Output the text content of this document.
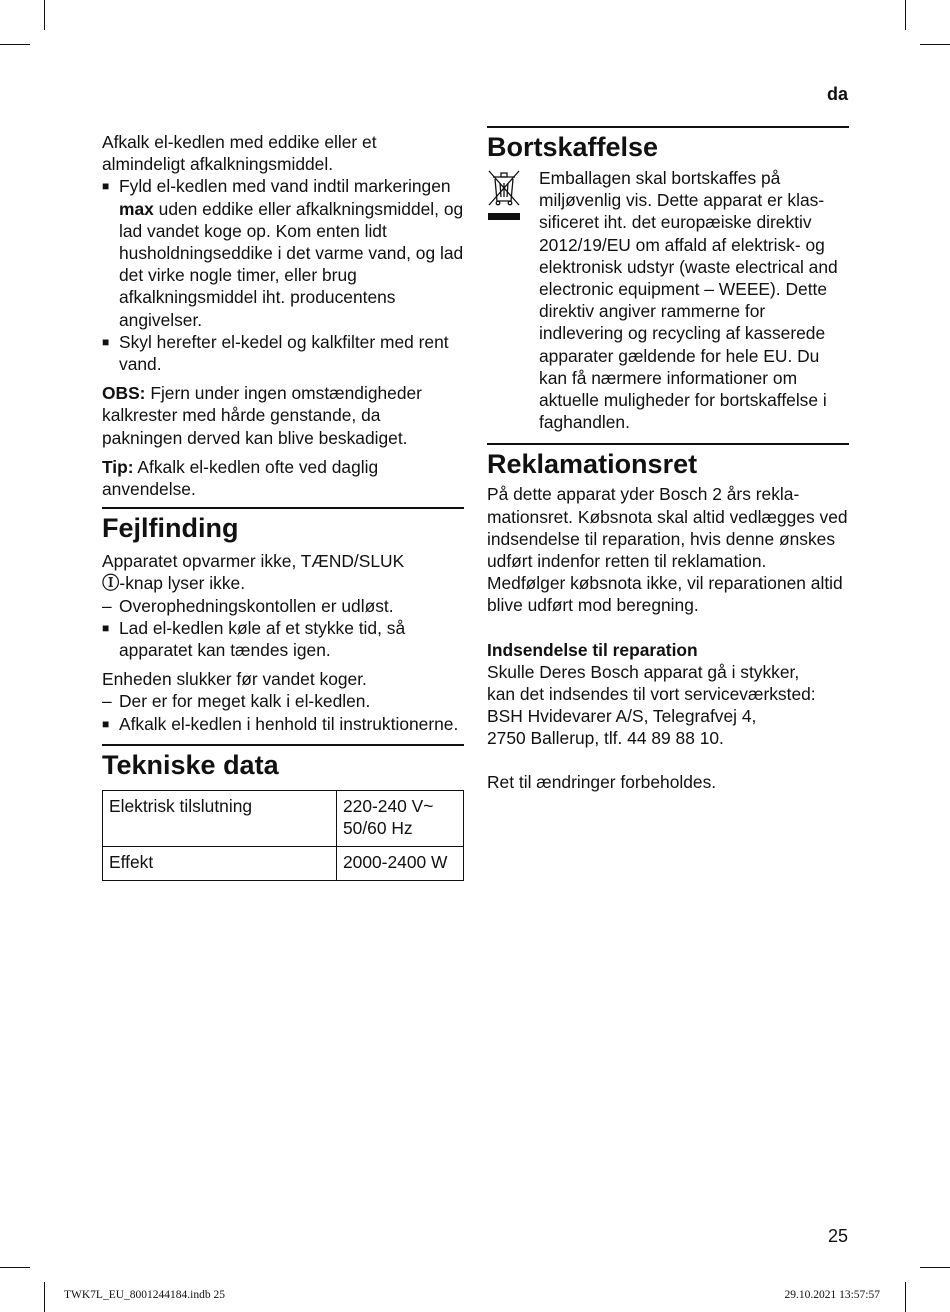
da

Afkalk el-kedlen med eddike eller et almindeligt afkalkningsmiddel.

■ Fyld el-kedlen med vand indtil markeringen max uden eddike eller afkalkningsmiddel, og lad vandet koge op. Kom enten lidt husholdningseddike i det varme vand, og lad det virke nogle timer, eller brug afkalkningsmiddel iht. producentens angivelser.

■ Skyl herefter el-kedel og kalkfilter med rent vand.

OBS: Fjern under ingen omstændigheder kalkrester med hårde genstande, da pakningen derved kan blive beskadiget.

Tip: Afkalk el-kedlen ofte ved daglig anvendelse.

Fejlfinding

Apparatet opvarmer ikke, TÆND/SLUK
Ⓘ-knap lyser ikke.

– Overophedningskontollen er udløst.

■ Lad el-kedlen køle af et stykke tid, så apparatet kan tændes igen.

Enheden slukker før vandet koger.

– Der er for meget kalk i el-kedlen.

■ Afkalk el-kedlen i henhold til instruktionerne.

Tekniske data
Elektrisk tilslutning	220-240 V~
50/60 Hz
Effekt	2000-2400 W
Bortskaffelse

Emballagen skal bortskaffes på miljøvenlig vis. Dette apparat er klas-sificeret iht. det europæiske direktiv 2012/19/EU om affald af elektrisk- og elektronisk udstyr (waste electrical and electronic equipment – WEEE). Dette direktiv angiver rammerne for indlevering og recycling af kasserede apparater gældende for hele EU. Du kan få nærmere informationer om aktuelle muligheder for bortskaffelse i faghandlen.

Reklamationsret

På dette apparat yder Bosch 2 års rekla-mationsret. Købsnota skal altid vedlægges ved indsendelse til reparation, hvis denne ønskes udført indenfor retten til reklamation. Medfølger købsnota ikke, vil reparationen altid blive udført mod beregning.

Indsendelse til reparation

Skulle Deres Bosch apparat gå i stykker,

kan det indsendes til vort serviceværksted:

BSH Hvidevarer A/S, Telegrafvej 4,

2750 Ballerup, tlf. 44 89 88 10.

Ret til ændringer forbeholdes.

25
TWK7L_EU_8001244184.indb 25	29.10.2021 13:57:57
